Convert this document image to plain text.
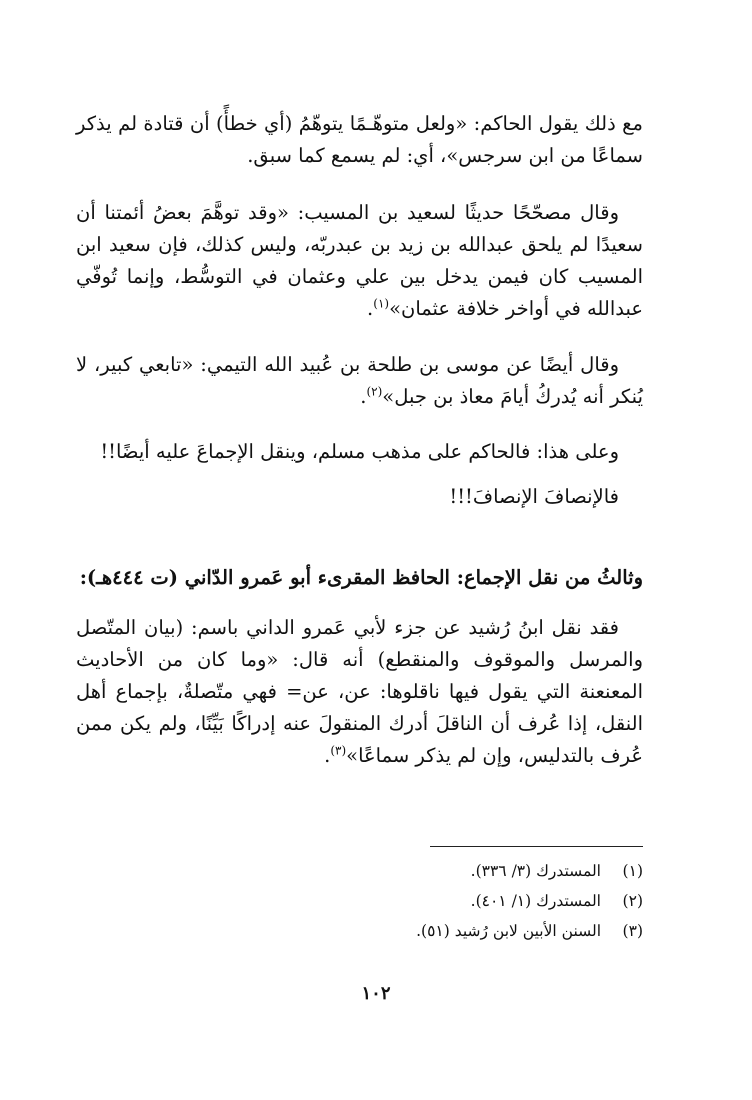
مع ذلك يقول الحاكم: «ولعل متوهّـمًا يتوهّمُ (أي خطأً) أن قتادة لم يذكر سماعًا من ابن سرجس»، أي: لم يسمع كما سبق.
وقال مصحّحًا حديثًا لسعيد بن المسيب: «وقد توهَّمَ بعضُ أئمتنا أن سعيدًا لم يلحق عبدالله بن زيد بن عبدربّه، وليس كذلك، فإن سعيد ابن المسيب كان فيمن يدخل بين علي وعثمان في التوسُّط، وإنما تُوفّي عبدالله في أواخر خلافة عثمان»$^{(١)}$.
وقال أيضًا عن موسى بن طلحة بن عُبيد الله التيمي: «تابعي كبير، لا يُنكر أنه يُدركُ أيامَ معاذ بن جبل»$^{(٢)}$.
وعلى هذا: فالحاكم على مذهب مسلم، وينقل الإجماعَ عليه أيضًا!!
فالإنصافَ الإنصافَ!!!
وثالثُ من نقل الإجماع: الحافظ المقرىء أبو عَمرو الدّاني (ت ٤٤٤هـ):
فقد نقل ابنُ رُشيد عن جزء لأبي عَمرو الداني باسم: (بيان المتّصل والمرسل والموقوف والمنقطع) أنه قال: «وما كان من الأحاديث المعنعنة التي يقول فيها ناقلوها: عن، عن= فهي متّصلةٌ، بإجماع أهل النقل، إذا عُرف أن الناقلَ أدرك المنقولَ عنه إدراكًا بَيِّنًا، ولم يكن ممن عُرف بالتدليس، وإن لم يذكر سماعًا»$^{(٣)}$.
(١)المستدرك (٣/ ٣٣٦).
(٢)المستدرك (١/ ٤٠١).
(٣)السنن الأبين لابن رُشيد (٥١).
١٠٢
